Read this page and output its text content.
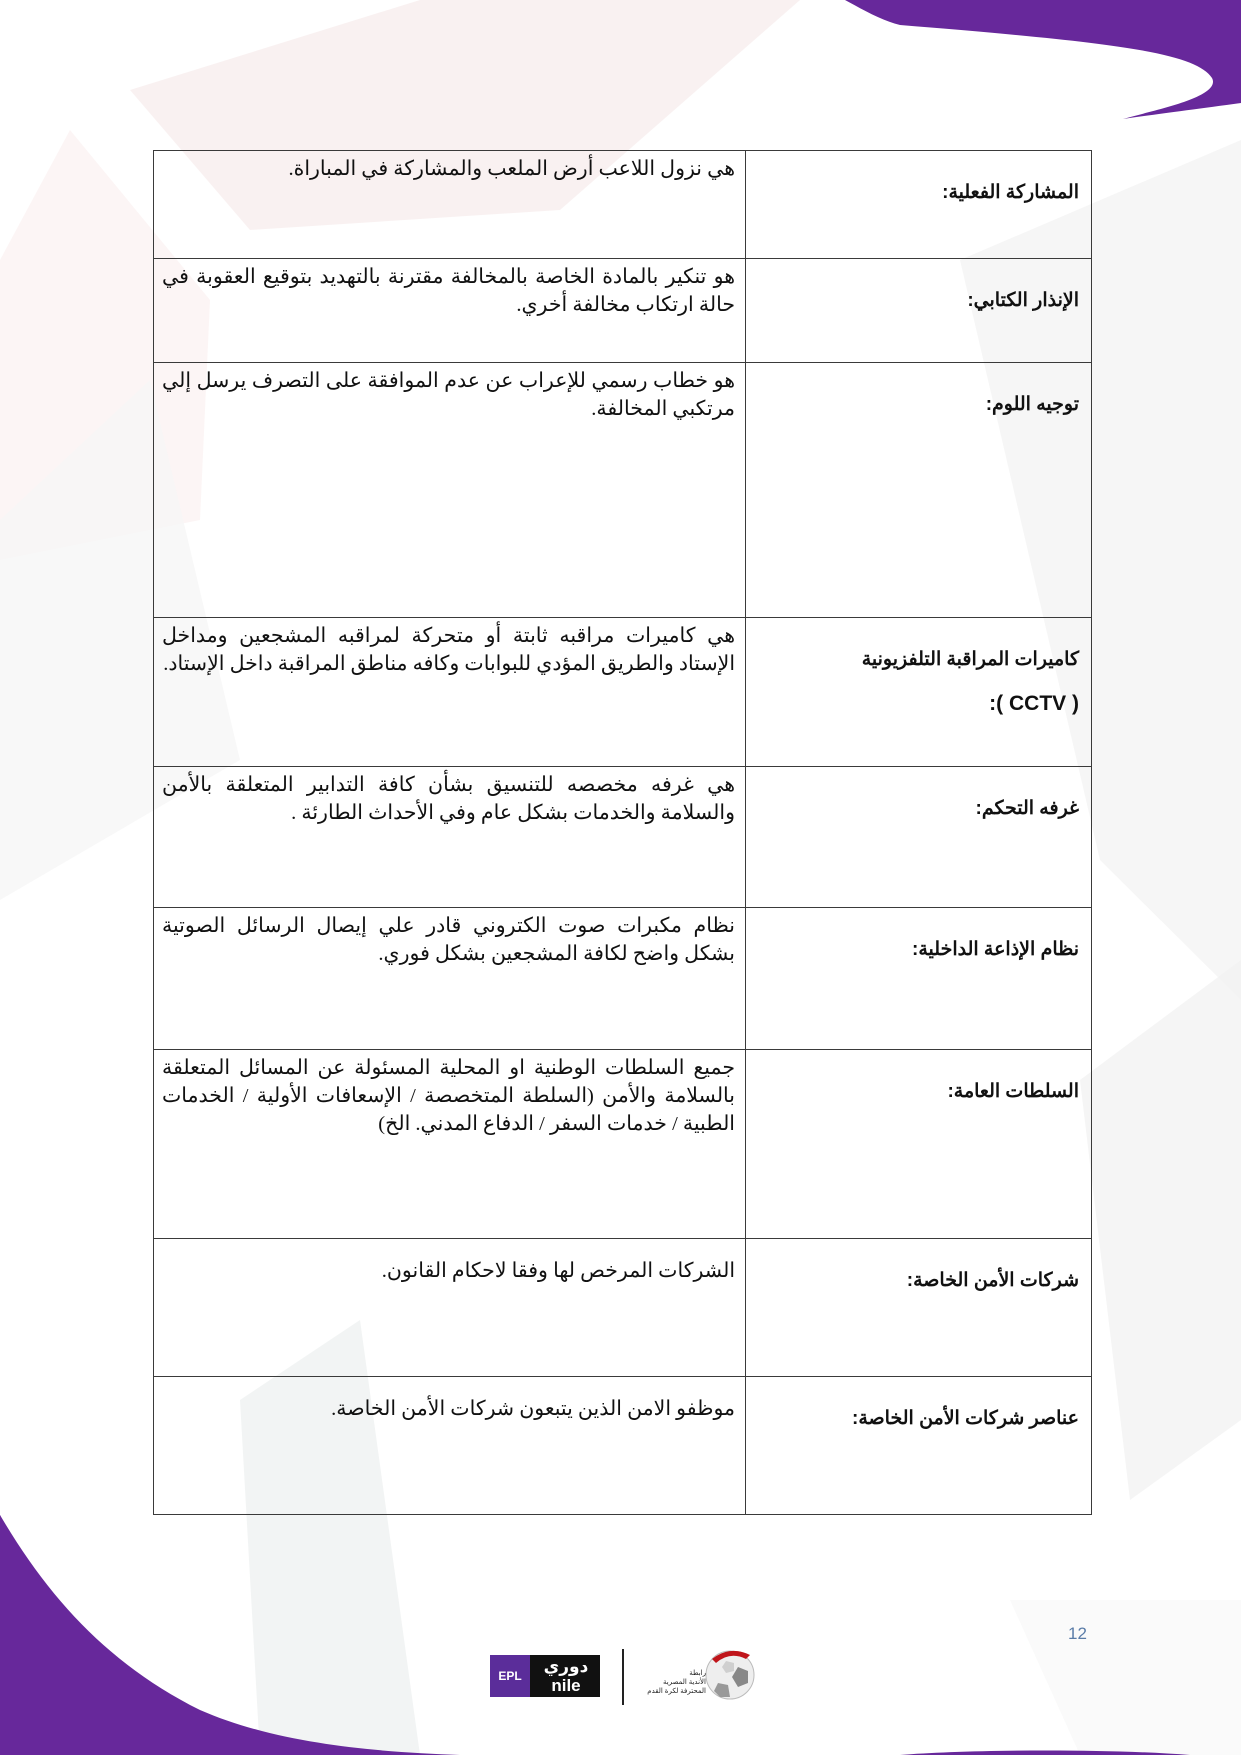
المشاركة الفعلية:	هي نزول اللاعب أرض الملعب والمشاركة في المباراة.

الإنذار الكتابي:	هو تنكير بالمادة الخاصة بالمخالفة مقترنة بالتهديد بتوقيع العقوبة في حالة ارتكاب مخالفة أخري.

توجيه اللوم:	هو خطاب رسمي للإعراب عن عدم الموافقة على التصرف يرسل إلي مرتكبي المخالفة.

كاميرات المراقبة التلفزيونية
( CCTV ):	هي كاميرات مراقبه ثابتة أو متحركة لمراقبه المشجعين ومداخل الإستاد والطريق المؤدي للبوابات وكافه مناطق المراقبة داخل الإستاد.

غرفه التحكم:	هي غرفه مخصصه للتنسيق بشأن كافة التدابير المتعلقة بالأمن والسلامة والخدمات بشكل عام وفي الأحداث الطارئة .

نظام الإذاعة الداخلية:	نظام مكبرات صوت الكتروني قادر علي إيصال الرسائل الصوتية بشكل واضح لكافة المشجعين بشكل فوري.

السلطات العامة:	جميع السلطات الوطنية او المحلية المسئولة عن المسائل المتعلقة بالسلامة والأمن (السلطة المتخصصة / الإسعافات الأولية / الخدمات الطبية / خدمات السفر / الدفاع المدني. الخ)

شركات الأمن الخاصة:	الشركات المرخص لها وفقا لاحكام القانون.

عناصر شركات الأمن الخاصة:	موظفو الامن الذين يتبعون شركات الأمن الخاصة.
12
EPL	دوري
nile
رابطة
الأندية المصرية
المحترفة لكرة القدم
